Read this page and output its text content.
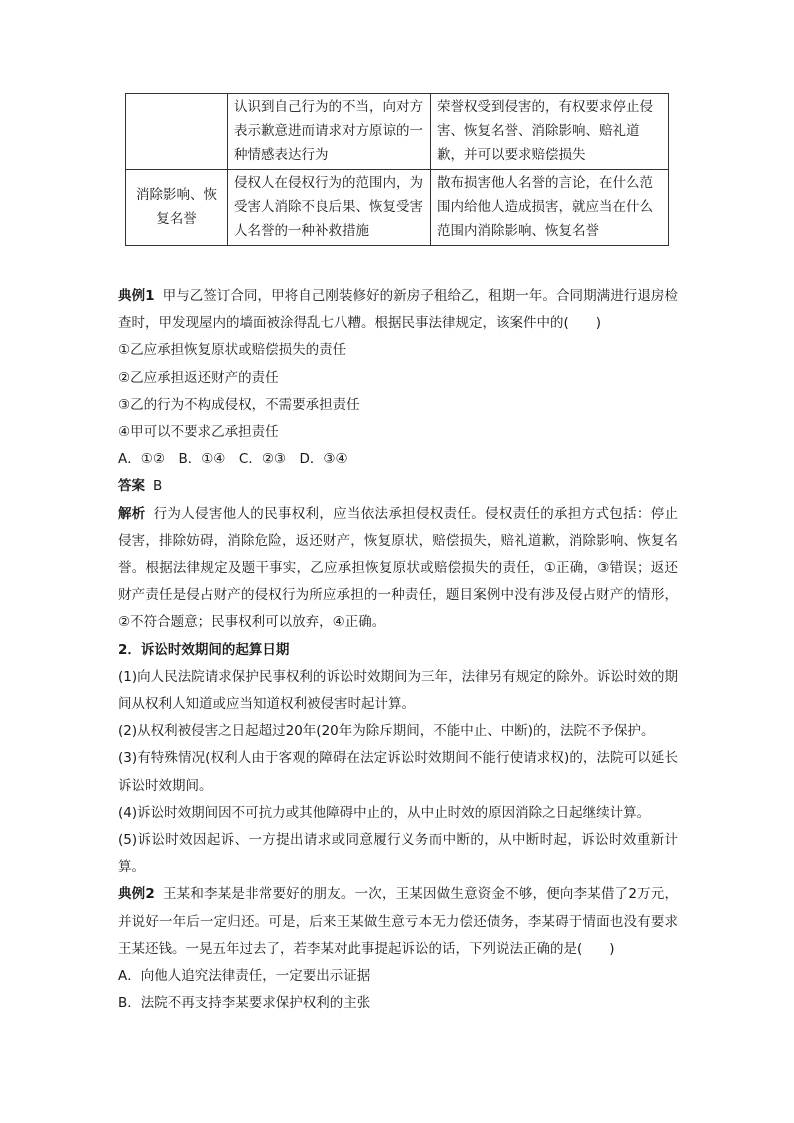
	认识到自己行为的不当，向对方表示歉意进而请求对方原谅的一种情感表达行为	荣誉权受到侵害的，有权要求停止侵害、恢复名誉、消除影响、赔礼道歉，并可以要求赔偿损失
消除影响、恢复名誉	侵权人在侵权行为的范围内，为受害人消除不良后果、恢复受害人名誉的一种补救措施	散布损害他人名誉的言论，在什么范围内给他人造成损害，就应当在什么范围内消除影响、恢复名誉

典例1 甲与乙签订合同，甲将自己刚装修好的新房子租给乙，租期一年。合同期满进行退房检查时，甲发现屋内的墙面被涂得乱七八糟。根据民事法律规定，该案件中的(　　)

①乙应承担恢复原状或赔偿损失的责任

②乙应承担返还财产的责任

③乙的行为不构成侵权，不需要承担责任

④甲可以不要求乙承担责任

A．①②　B．①④　C．②③　D．③④

答案 B

解析 行为人侵害他人的民事权利，应当依法承担侵权责任。侵权责任的承担方式包括：停止侵害，排除妨碍，消除危险，返还财产，恢复原状，赔偿损失，赔礼道歉，消除影响、恢复名誉。根据法律规定及题干事实，乙应承担恢复原状或赔偿损失的责任，①正确，③错误；返还财产责任是侵占财产的侵权行为所应承担的一种责任，题目案例中没有涉及侵占财产的情形，②不符合题意；民事权利可以放弃，④正确。

2．诉讼时效期间的起算日期

(1)向人民法院请求保护民事权利的诉讼时效期间为三年，法律另有规定的除外。诉讼时效的期间从权利人知道或应当知道权利被侵害时起计算。

(2)从权利被侵害之日起超过20年(20年为除斥期间，不能中止、中断)的，法院不予保护。

(3)有特殊情况(权利人由于客观的障碍在法定诉讼时效期间不能行使请求权)的，法院可以延长诉讼时效期间。

(4)诉讼时效期间因不可抗力或其他障碍中止的，从中止时效的原因消除之日起继续计算。

(5)诉讼时效因起诉、一方提出请求或同意履行义务而中断的，从中断时起，诉讼时效重新计算。

典例2 王某和李某是非常要好的朋友。一次，王某因做生意资金不够，便向李某借了2万元，并说好一年后一定归还。可是，后来王某做生意亏本无力偿还债务，李某碍于情面也没有要求王某还钱。一晃五年过去了，若李某对此事提起诉讼的话，下列说法正确的是(　　)

A．向他人追究法律责任，一定要出示证据

B．法院不再支持李某要求保护权利的主张
